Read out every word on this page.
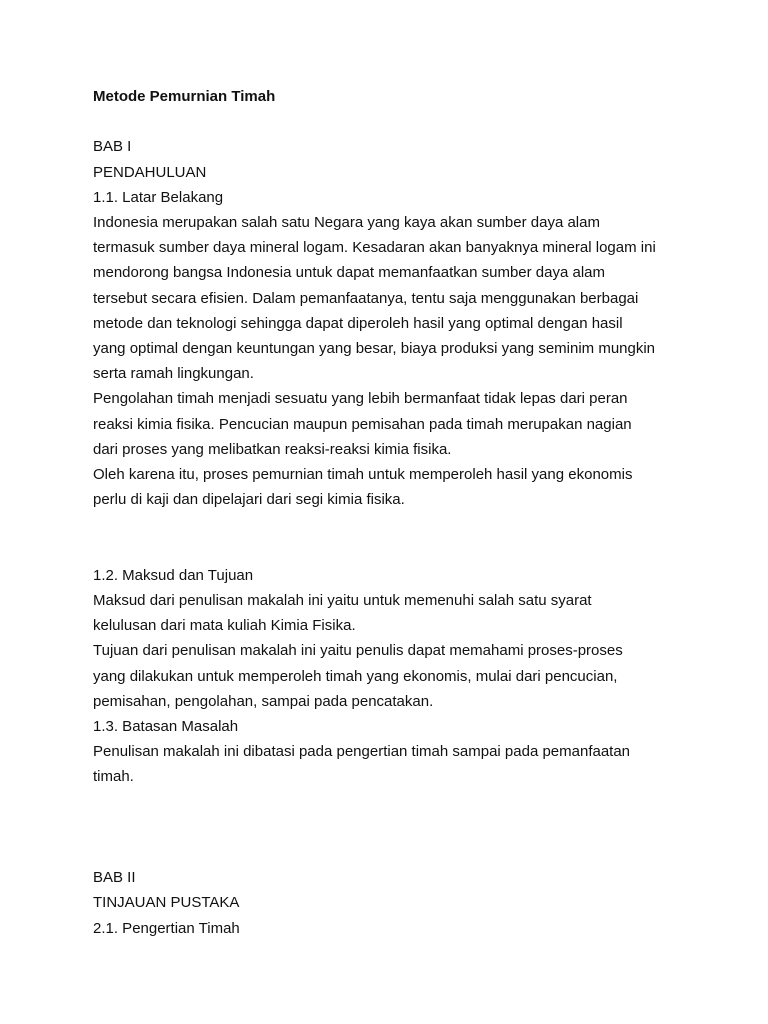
Metode Pemurnian Timah
BAB I
PENDAHULUAN
1.1. Latar Belakang
Indonesia merupakan salah satu Negara yang kaya akan sumber daya alam
termasuk sumber daya mineral logam. Kesadaran akan banyaknya mineral logam ini
mendorong bangsa Indonesia untuk dapat memanfaatkan sumber daya alam
tersebut secara efisien. Dalam pemanfaatanya, tentu saja menggunakan berbagai
metode dan teknologi sehingga dapat diperoleh hasil yang optimal dengan hasil
yang optimal dengan keuntungan yang besar, biaya produksi yang seminim mungkin
serta ramah lingkungan.
Pengolahan timah menjadi sesuatu yang lebih bermanfaat tidak lepas dari peran
reaksi kimia fisika. Pencucian maupun pemisahan pada timah merupakan nagian
dari proses yang melibatkan reaksi-reaksi kimia fisika.
Oleh karena itu, proses pemurnian timah untuk memperoleh hasil yang ekonomis
perlu di kaji dan dipelajari dari segi kimia fisika.
1.2. Maksud dan Tujuan
Maksud dari penulisan makalah ini yaitu untuk memenuhi salah satu syarat
kelulusan dari mata kuliah Kimia Fisika.
Tujuan dari penulisan makalah ini yaitu penulis dapat memahami proses-proses
yang dilakukan untuk memperoleh timah yang ekonomis, mulai dari pencucian,
pemisahan, pengolahan, sampai pada pencatakan.
1.3. Batasan Masalah
Penulisan makalah ini dibatasi pada pengertian timah sampai pada pemanfaatan
timah.
BAB II
TINJAUAN PUSTAKA
2.1. Pengertian Timah
